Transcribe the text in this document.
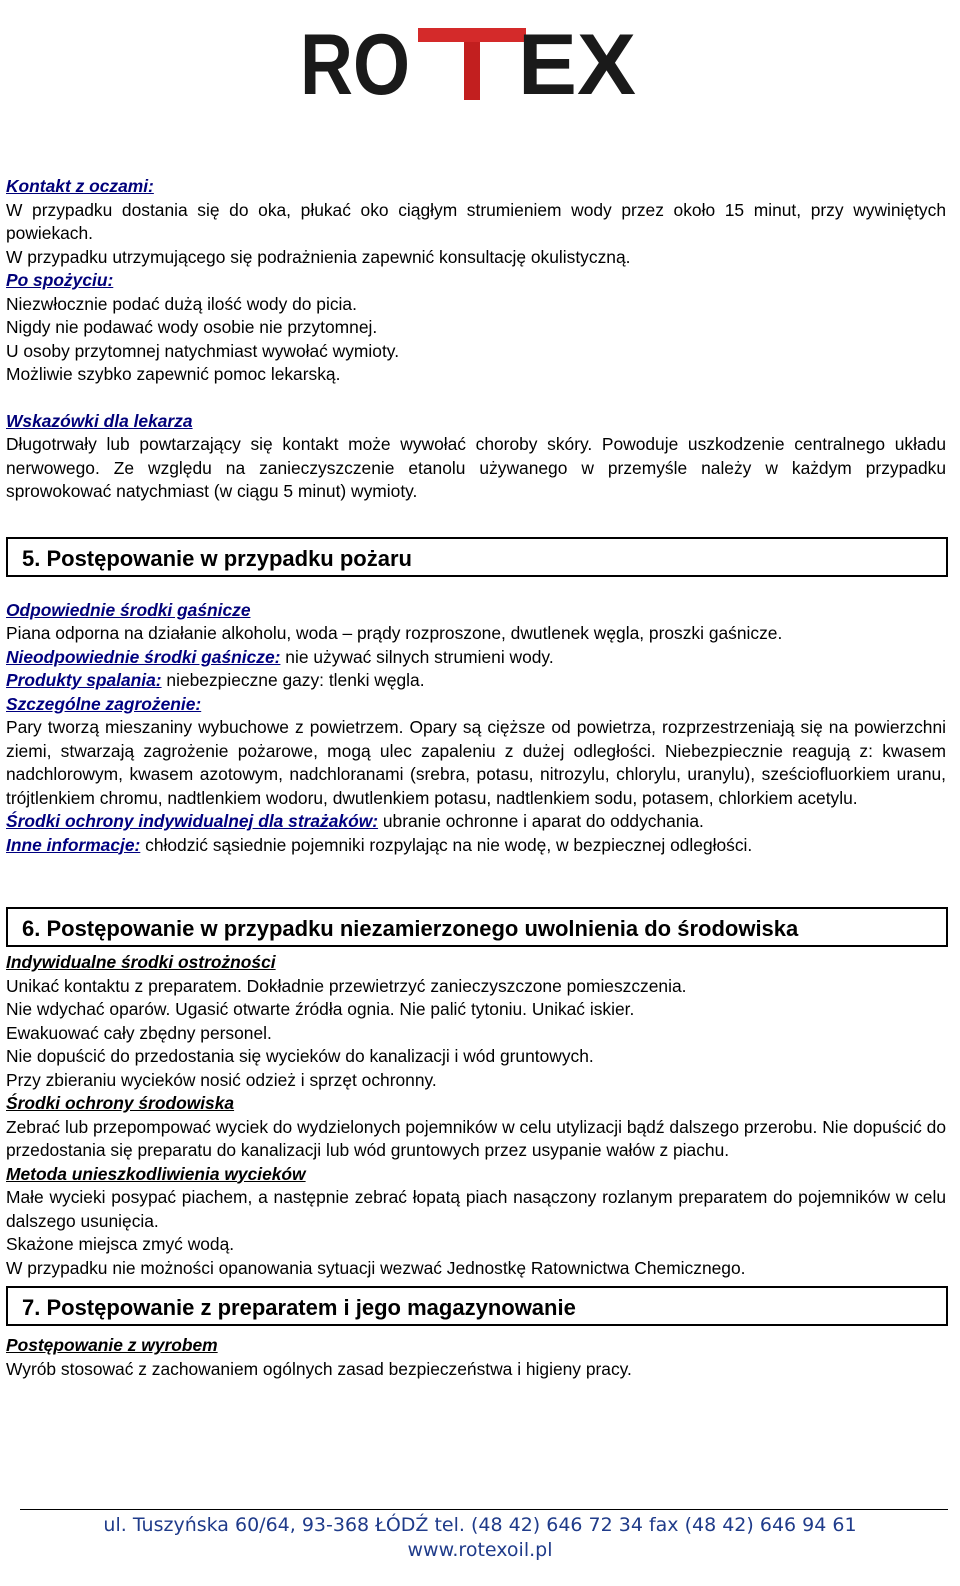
RO EX

Kontakt z oczami:

W przypadku dostania się do oka, płukać oko ciągłym strumieniem wody przez około 15 minut, przy wywiniętych powiekach.

W przypadku utrzymującego się podrażnienia zapewnić konsultację okulistyczną.

Po spożyciu:

Niezwłocznie podać dużą ilość wody do picia.

Nigdy nie podawać wody osobie nie przytomnej.

U osoby przytomnej natychmiast wywołać wymioty.

Możliwie szybko zapewnić pomoc lekarską.

Wskazówki dla lekarza

Długotrwały lub powtarzający się kontakt może wywołać choroby skóry. Powoduje uszkodzenie centralnego układu nerwowego. Ze względu na zanieczyszczenie etanolu używanego w przemyśle należy w każdym przypadku sprowokować natychmiast (w ciągu 5 minut) wymioty.

5. Postępowanie w przypadku pożaru

Odpowiednie środki gaśnicze

Piana odporna na działanie alkoholu, woda – prądy rozproszone, dwutlenek węgla, proszki gaśnicze.

Nieodpowiednie środki gaśnicze: nie używać silnych strumieni wody.

Produkty spalania: niebezpieczne gazy: tlenki węgla.

Szczególne zagrożenie:

Pary tworzą mieszaniny wybuchowe z powietrzem. Opary są cięższe od powietrza, rozprzestrzeniają się na powierzchni ziemi, stwarzają zagrożenie pożarowe, mogą ulec zapaleniu z dużej odległości. Niebezpiecznie reagują z: kwasem nadchlorowym, kwasem azotowym, nadchloranami (srebra, potasu, nitrozylu, chlorylu, uranylu), sześciofluorkiem uranu, trójtlenkiem chromu, nadtlenkiem wodoru, dwutlenkiem potasu, nadtlenkiem sodu, potasem, chlorkiem acetylu.

Środki ochrony indywidualnej dla strażaków: ubranie ochronne i aparat do oddychania.

Inne informacje: chłodzić sąsiednie pojemniki rozpylając na nie wodę, w bezpiecznej odległości.

6. Postępowanie w przypadku niezamierzonego uwolnienia do środowiska

Indywidualne środki ostrożności

Unikać kontaktu z preparatem. Dokładnie przewietrzyć zanieczyszczone pomieszczenia.

Nie wdychać oparów. Ugasić otwarte źródła ognia. Nie palić tytoniu. Unikać iskier.

Ewakuować cały zbędny personel.

Nie dopuścić do przedostania się wycieków do kanalizacji i wód gruntowych.

Przy zbieraniu wycieków nosić odzież i sprzęt ochronny.

Środki ochrony środowiska

Zebrać lub przepompować wyciek do wydzielonych pojemników w celu utylizacji bądź dalszego przerobu. Nie dopuścić do przedostania się preparatu do kanalizacji lub wód gruntowych przez usypanie wałów z piachu.

Metoda unieszkodliwienia wycieków

Małe wycieki posypać piachem, a następnie zebrać łopatą piach nasączony rozlanym preparatem do pojemników w celu dalszego usunięcia.

Skażone miejsca zmyć wodą.

W przypadku nie możności opanowania sytuacji wezwać Jednostkę Ratownictwa Chemicznego.

7. Postępowanie z preparatem i jego magazynowanie

Postępowanie z wyrobem

Wyrób stosować z zachowaniem ogólnych zasad bezpieczeństwa i higieny pracy.

ul. Tuszyńska 60/64, 93-368 ŁÓDŹ tel. (48 42) 646 72 34 fax (48 42) 646 94 61
www.rotexoil.pl
